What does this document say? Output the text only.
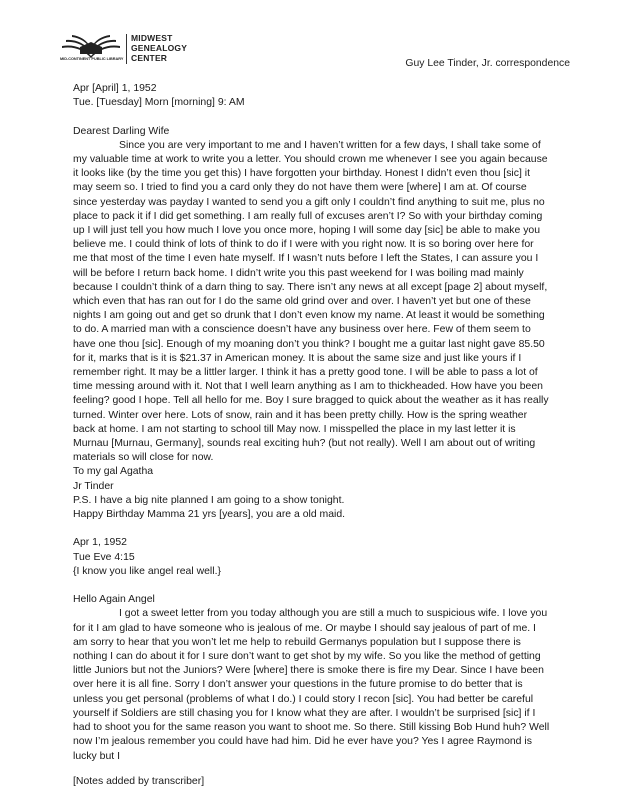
MID-CONTINENT PUBLIC LIBRARY
MIDWEST
GENEALOGY
CENTER	Guy Lee Tinder, Jr. correspondence

Apr [April] 1, 1952

Tue. [Tuesday] Morn [morning] 9: AM

Dearest Darling Wife

Since you are very important to me and I haven’t written for a few days, I shall take some of my valuable time at work to write you a letter. You should crown me whenever I see you again because it looks like (by the time you get this) I have forgotten your birthday. Honest I didn’t even thou [sic] it may seem so. I tried to find you a card only they do not have them were [where] I am at. Of course since yesterday was payday I wanted to send you a gift only I couldn’t find anything to suit me, plus no place to pack it if I did get something. I am really full of excuses aren’t I? So with your birthday coming up I will just tell you how much I love you once more, hoping I will some day [sic] be able to make you believe me. I could think of lots of think to do if I were with you right now. It is so boring over here for me that most of the time I even hate myself. If I wasn’t nuts before I left the States, I can assure you I will be before I return back home. I didn’t write you this past weekend for I was boiling mad mainly because I couldn’t think of a darn thing to say. There isn’t any news at all except [page 2] about myself, which even that has ran out for I do the same old grind over and over. I haven’t yet but one of these nights I am going out and get so drunk that I don’t even know my name. At least it would be something to do. A married man with a conscience doesn’t have any business over here. Few of them seem to have one thou [sic]. Enough of my moaning don’t you think? I bought me a guitar last night gave 85.50 for it, marks that is it is $21.37 in American money. It is about the same size and just like yours if I remember right. It may be a littler larger. I think it has a pretty good tone. I will be able to pass a lot of time messing around with it. Not that I well learn anything as I am to thickheaded. How have you been feeling? good I hope. Tell all hello for me. Boy I sure bragged to quick about the weather as it has really turned. Winter over here. Lots of snow, rain and it has been pretty chilly. How is the spring weather back at home. I am not starting to school till May now. I misspelled the place in my last letter it is Murnau [Murnau, Germany], sounds real exciting huh? (but not really). Well I am about out of writing materials so will close for now.

To my gal Agatha

Jr Tinder

P.S. I have a big nite planned I am going to a show tonight.

Happy Birthday Mamma 21 yrs [years], you are a old maid.

Apr 1, 1952

Tue Eve 4:15

{I know you like angel real well.}

Hello Again Angel

I got a sweet letter from you today although you are still a much to suspicious wife. I love you for it I am glad to have someone who is jealous of me. Or maybe I should say jealous of part of me. I am sorry to hear that you won’t let me help to rebuild Germanys population but I suppose there is nothing I can do about it for I sure don’t want to get shot by my wife. So you like the method of getting little Juniors but not the Juniors? Were [where] there is smoke there is fire my Dear. Since I have been over here it is all fine. Sorry I don’t answer your questions in the future promise to do better that is unless you get personal (problems of what I do.) I could story I recon [sic]. You had better be careful yourself if Soldiers are still chasing you for I know what they are after. I wouldn’t be surprised [sic] if I had to shoot you for the same reason you want to shoot me. So there. Still kissing Bob Hund huh? Well now I’m jealous remember you could have had him. Did he ever have you? Yes I agree Raymond is lucky but I

[Notes added by transcriber]
